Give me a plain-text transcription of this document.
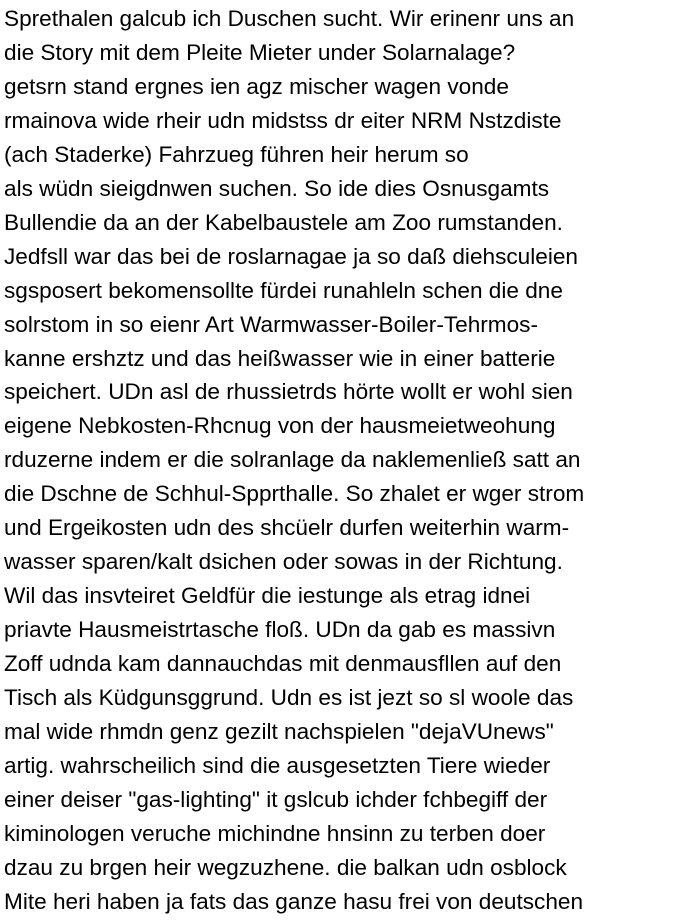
Sprethalen galcub ich Duschen sucht. Wir erinenr uns an
die Story mit dem Pleite Mieter under Solarnalage?
getsrn stand ergnes ien agz mischer wagen vonde
rmainova wide rheir udn midstss dr eiter NRM Nstzdiste
(ach Staderke) Fahrzueg führen heir herum so
als wüdn sieigdnwen suchen. So ide dies Osnusgamts
Bullendie da an der Kabelbaustele am Zoo rumstanden.
Jedfsll war das bei de roslarnagae ja so daß diehsculeien
sgsposert bekomensollte fürdei runahleln schen die dne
solrstom in so eienr Art Warmwasser-Boiler-Tehrmos-
kanne ershztz und das heißwasser wie in einer batterie
speichert. UDn asl de rhussietrds hörte wollt er wohl sien
eigene Nebkosten-Rhcnug von der hausmeietweohung
rduzerne indem er die solranlage da naklemenließ satt an
die Dschne de Schhul-Spprthalle. So zhalet er wger strom
und Ergeikosten udn des shcüelr durfen weiterhin warm-
wasser sparen/kalt dsichen oder sowas in der Richtung.
Wil das insvteiret Geldfür die iestunge als etrag idnei
priavte Hausmeistrtasche floß. UDn da gab es massivn
Zoff udnda kam dannauchdas mit denmausfllen auf den
Tisch als Küdgunsggrund. Udn es ist jezt so sl woole das
mal wide rhmdn genz gezilt nachspielen "dejaVUnews"
artig. wahrscheilich sind die ausgesetzten Tiere wieder
einer deiser "gas-lighting" it gslcub ichder fchbegiff der
kiminologen veruche michindne hnsinn zu terben doer
dzau zu brgen heir wegzuzhene. die balkan udn osblock
Mite heri haben ja fats das ganze hasu frei von deutschen
